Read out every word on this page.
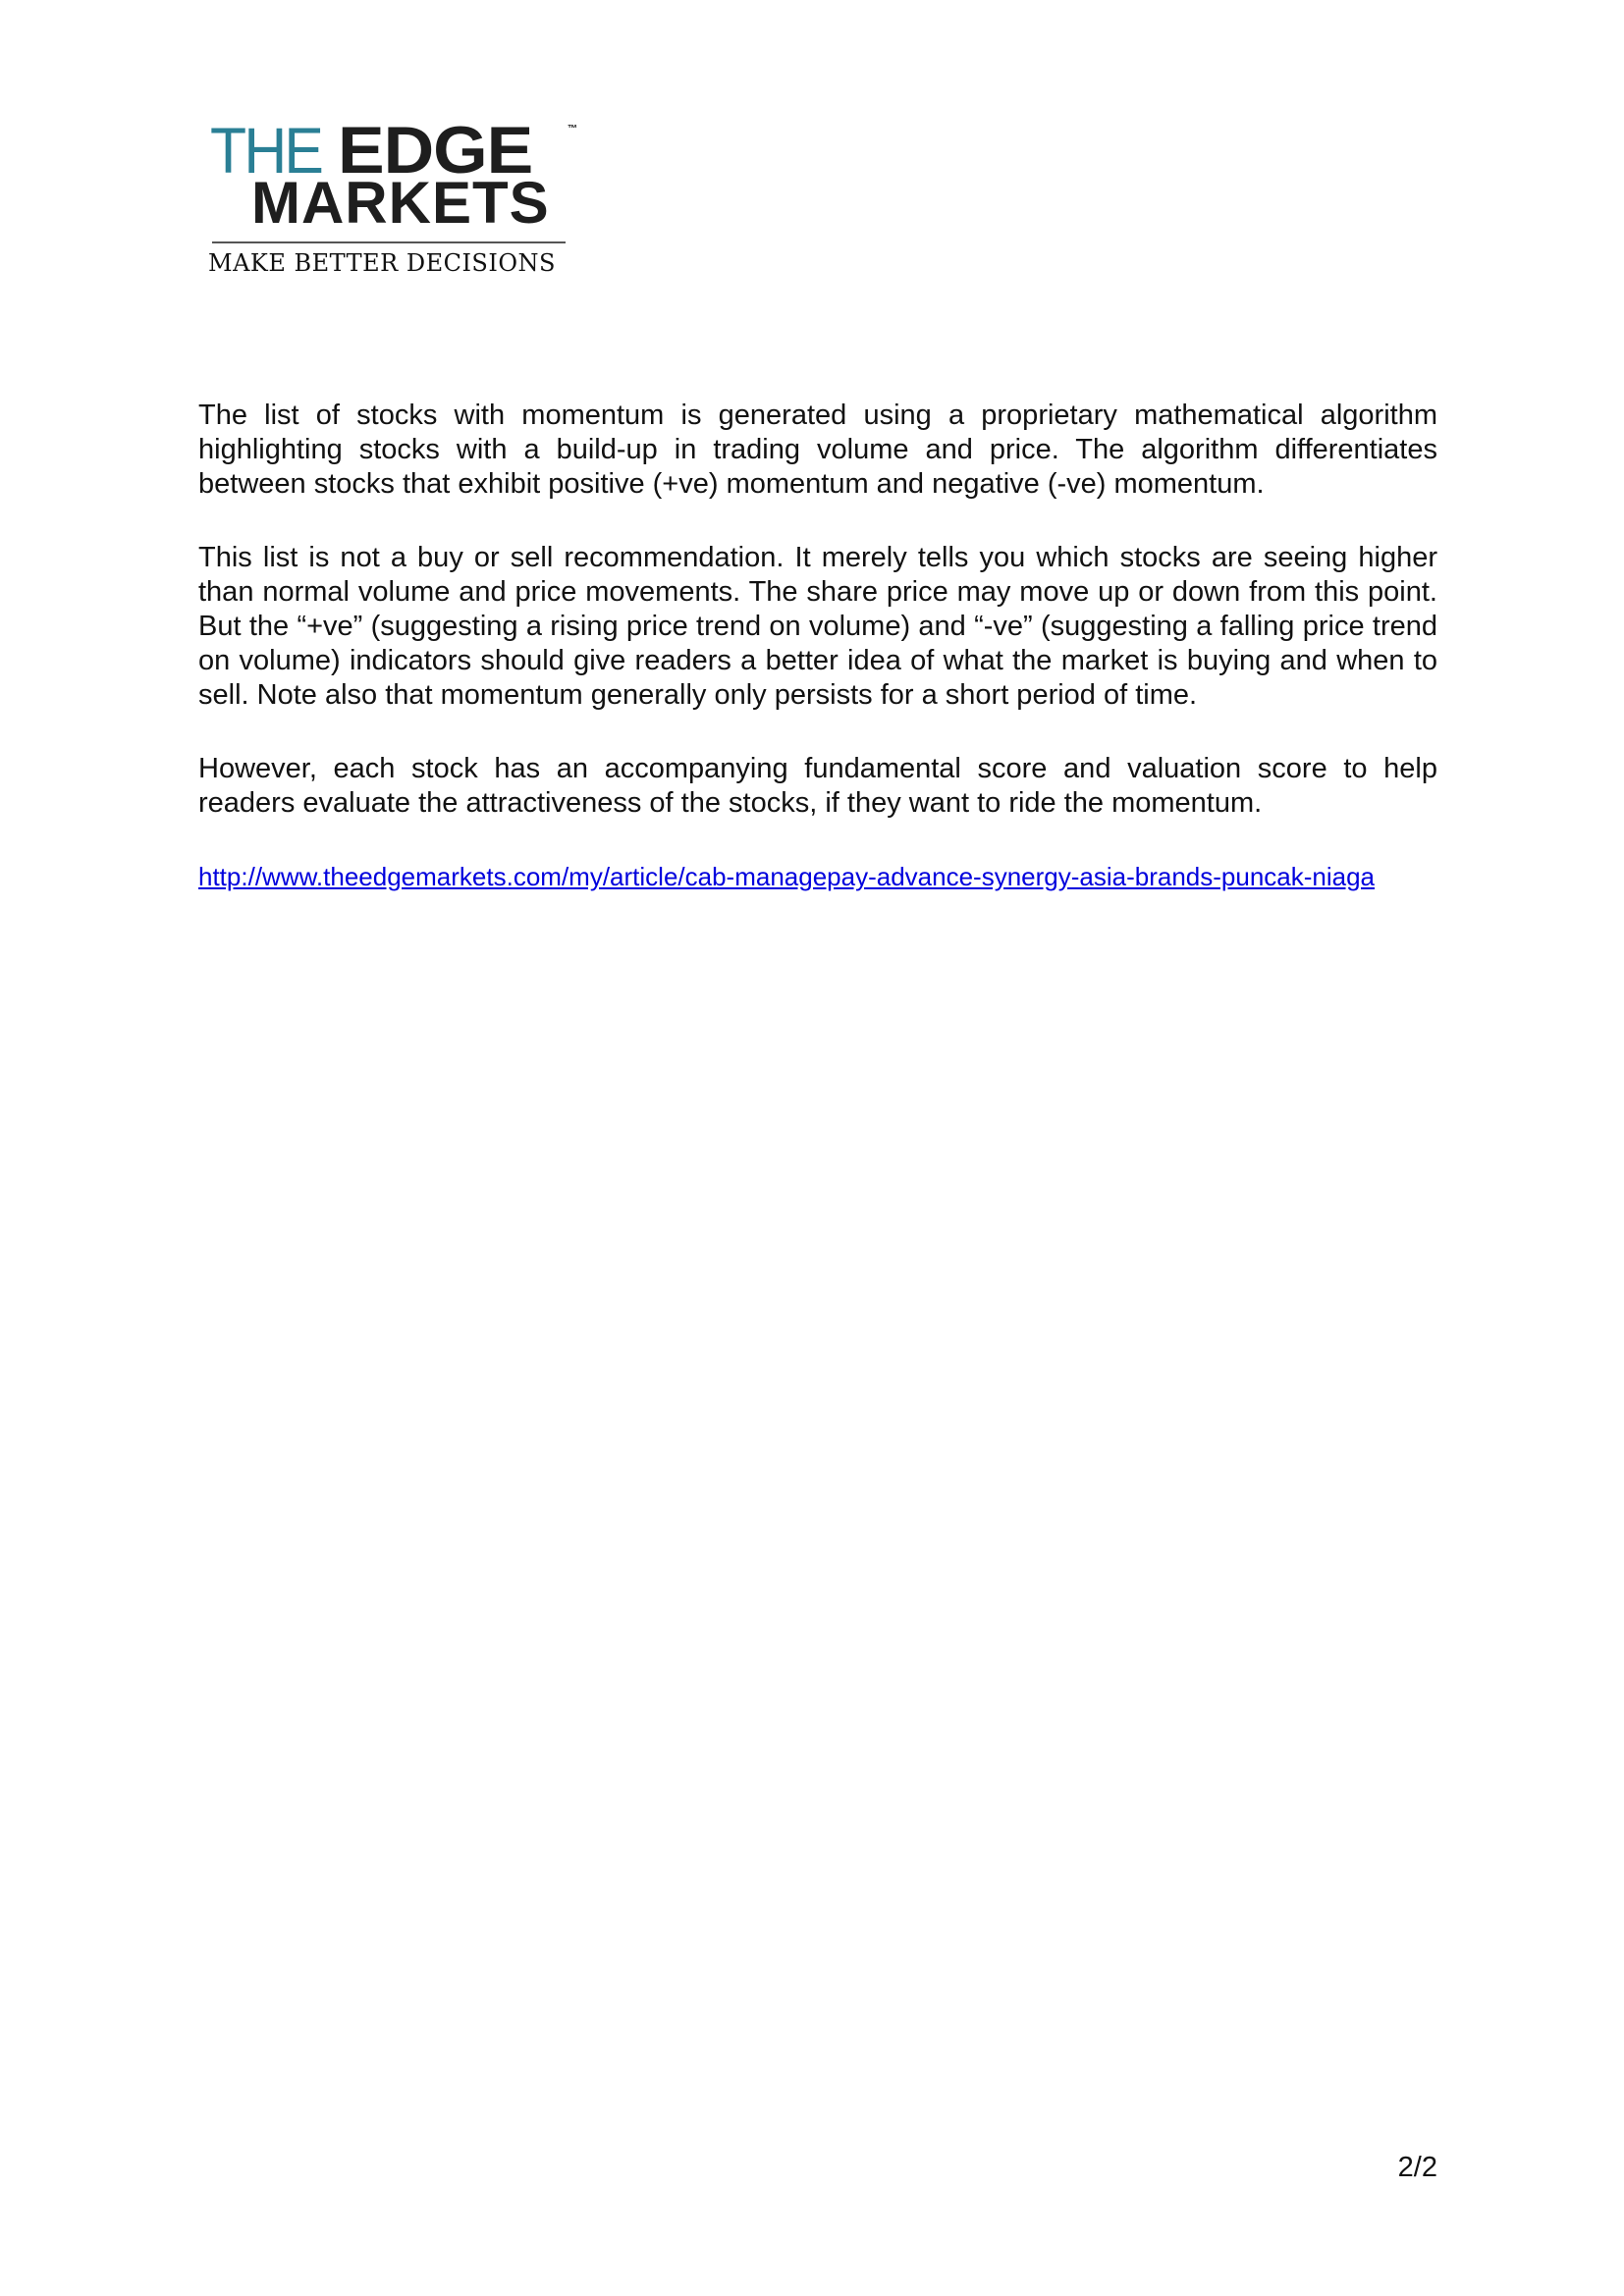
THE EDGE	™
MARKETS
MAKE BETTER DECISIONS

The list of stocks with momentum is generated using a proprietary mathematical algorithm highlighting stocks with a build-up in trading volume and price. The algorithm differentiates between stocks that exhibit positive (+ve) momentum and negative (-ve) momentum.

This list is not a buy or sell recommendation. It merely tells you which stocks are seeing higher than normal volume and price movements. The share price may move up or down from this point. But the “+ve” (suggesting a rising price trend on volume) and “-ve” (suggesting a falling price trend on volume) indicators should give readers a better idea of what the market is buying and when to sell. Note also that momentum generally only persists for a short period of time.

However, each stock has an accompanying fundamental score and valuation score to help readers evaluate the attractiveness of the stocks, if they want to ride the momentum.

http://www.theedgemarkets.com/my/article/cab-managepay-advance-synergy-asia-brands-puncak-niaga
2/2
